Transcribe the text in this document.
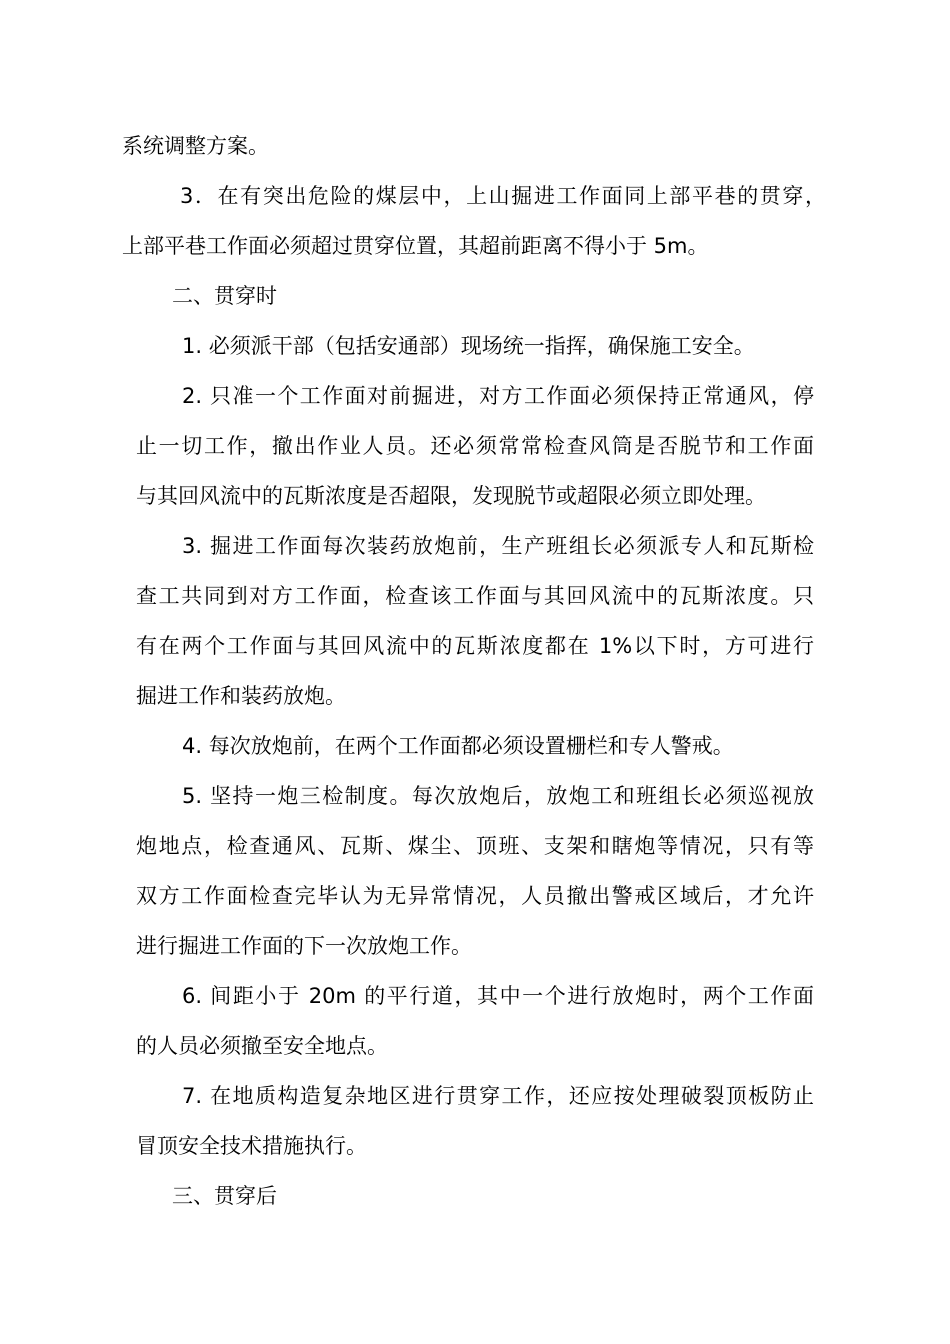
系统调整方案。
3．在有突出危险的煤层中，上山掘进工作面同上部平巷的贯穿，
上部平巷工作面必须超过贯穿位置，其超前距离不得小于 5m。
二、贯穿时
1. 必须派干部（包括安通部）现场统一指挥，确保施工安全。
2. 只准一个工作面对前掘进，对方工作面必须保持正常通风，停
止一切工作，撤出作业人员。还必须常常检查风筒是否脱节和工作面
与其回风流中的瓦斯浓度是否超限，发现脱节或超限必须立即处理。
3. 掘进工作面每次装药放炮前，生产班组长必须派专人和瓦斯检
查工共同到对方工作面，检查该工作面与其回风流中的瓦斯浓度。只
有在两个工作面与其回风流中的瓦斯浓度都在 1%以下时，方可进行
掘进工作和装药放炮。
4. 每次放炮前，在两个工作面都必须设置栅栏和专人警戒。
5. 坚持一炮三检制度。每次放炮后，放炮工和班组长必须巡视放
炮地点，检查通风、瓦斯、煤尘、顶班、支架和瞎炮等情况，只有等
双方工作面检查完毕认为无异常情况，人员撤出警戒区域后，才允许
进行掘进工作面的下一次放炮工作。
6. 间距小于 20m 的平行道，其中一个进行放炮时，两个工作面
的人员必须撤至安全地点。
7. 在地质构造复杂地区进行贯穿工作，还应按处理破裂顶板防止
冒顶安全技术措施执行。
三、贯穿后
